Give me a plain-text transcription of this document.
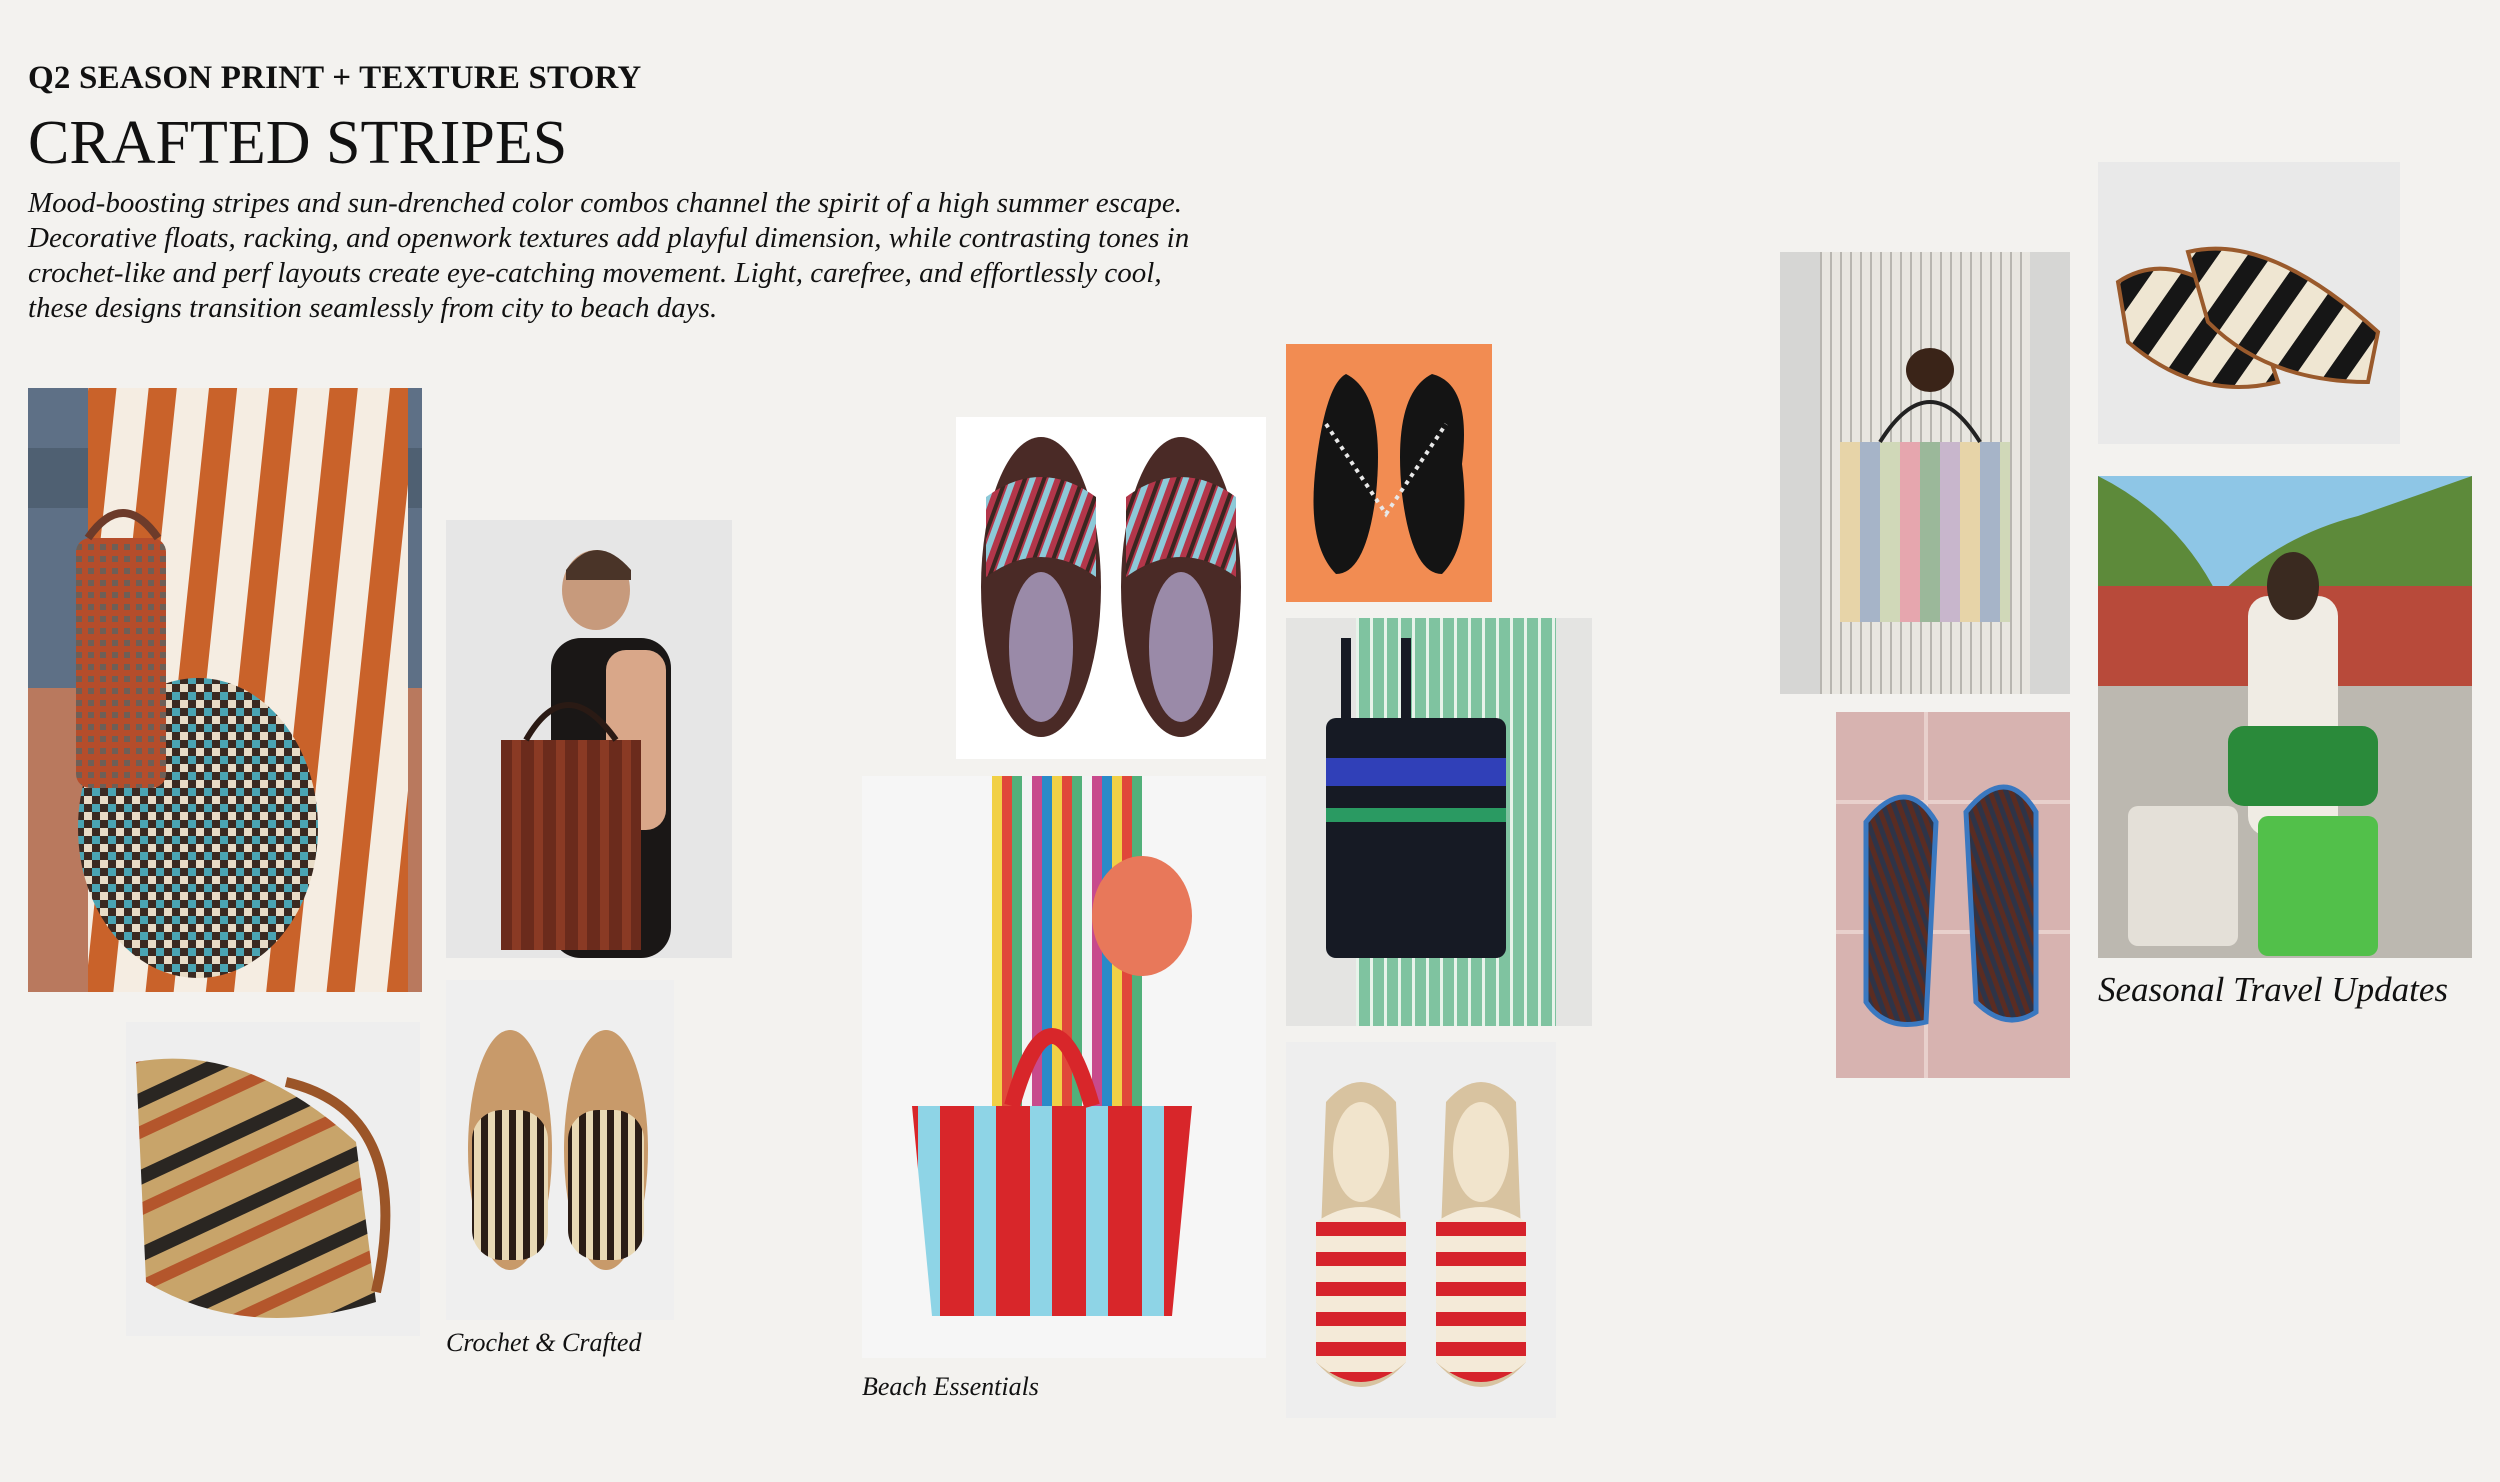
Q2 SEASON PRINT + TEXTURE STORY
CRAFTED STRIPES
Mood-boosting stripes and sun-drenched color combos channel the spirit of a high summer escape. Decorative floats, racking, and openwork textures add playful dimension, while contrasting tones in crochet-like and perf layouts create eye-catching movement. Light, carefree, and effortlessly cool, these designs transition seamlessly from city to beach days.
Crochet & Crafted
Beach Essentials
Seasonal Travel Updates
